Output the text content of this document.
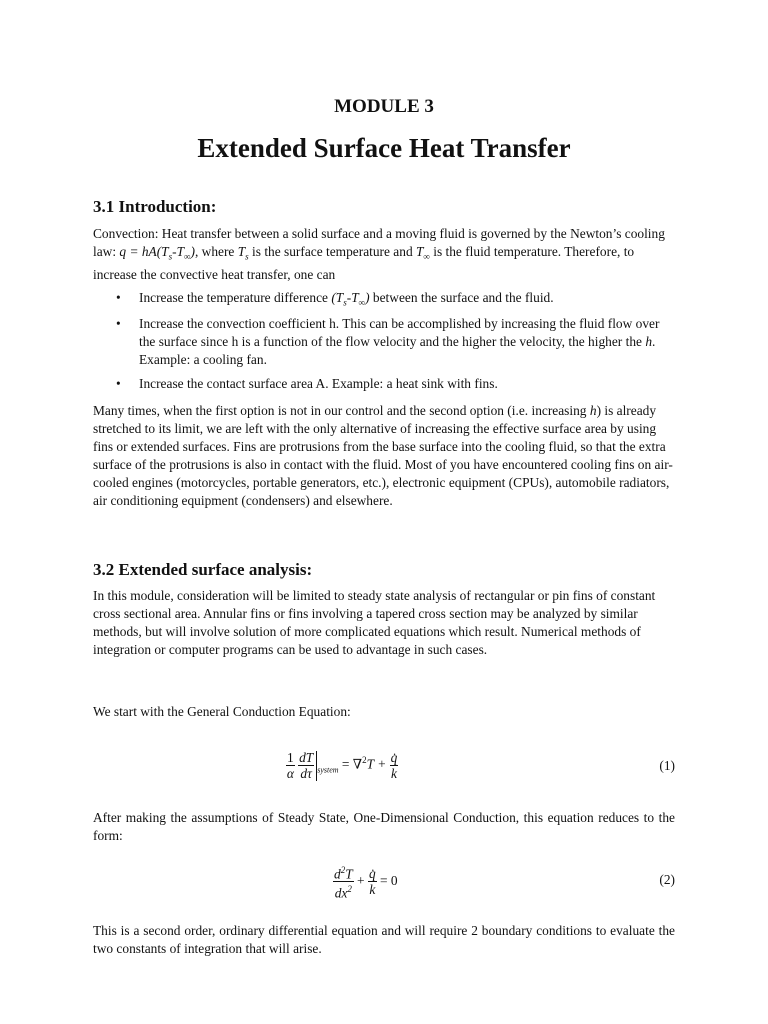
MODULE 3
Extended Surface Heat Transfer
3.1 Introduction:

Convection: Heat transfer between a solid surface and a moving fluid is governed by the Newton’s cooling law: $q = hA(T_s-T_\infty)$, where $T_s$ is the surface temperature and $T_\infty$ is the fluid temperature. Therefore, to increase the convective heat transfer, one can

• Increase the temperature difference $(T_s-T_\infty)$ between the surface and the fluid.
• Increase the convection coefficient h. This can be accomplished by increasing the fluid flow over the surface since h is a function of the flow velocity and the higher the velocity, the higher the h. Example: a cooling fan.
• Increase the contact surface area A. Example: a heat sink with fins.

Many times, when the first option is not in our control and the second option (i.e. increasing h) is already stretched to its limit, we are left with the only alternative of increasing the effective surface area by using fins or extended surfaces. Fins are protrusions from the base surface into the cooling fluid, so that the extra surface of the protrusions is also in contact with the fluid. Most of you have encountered cooling fins on air-cooled engines (motorcycles, portable generators, etc.), electronic equipment (CPUs), automobile radiators, air conditioning equipment (condensers) and elsewhere.

3.2 Extended surface analysis:

In this module, consideration will be limited to steady state analysis of rectangular or pin fins of constant cross sectional area. Annular fins or fins involving a tapered cross section may be analyzed by similar methods, but will involve solution of more complicated equations which result. Numerical methods of integration or computer programs can be used to advantage in such cases.

We start with the General Conduction Equation:

$\frac{1}{\alpha}$
$\frac{dT}{d\tau} _{system} = \nabla^2T + \frac{q̇}{k}$	(1)

After making the assumptions of Steady State, One-Dimensional Conduction, this equation reduces to the form:

$\frac{d^2T}{dx^2} + \frac{q̇}{k} = 0$	(2)

This is a second order, ordinary differential equation and will require 2 boundary conditions to evaluate the two constants of integration that will arise.
